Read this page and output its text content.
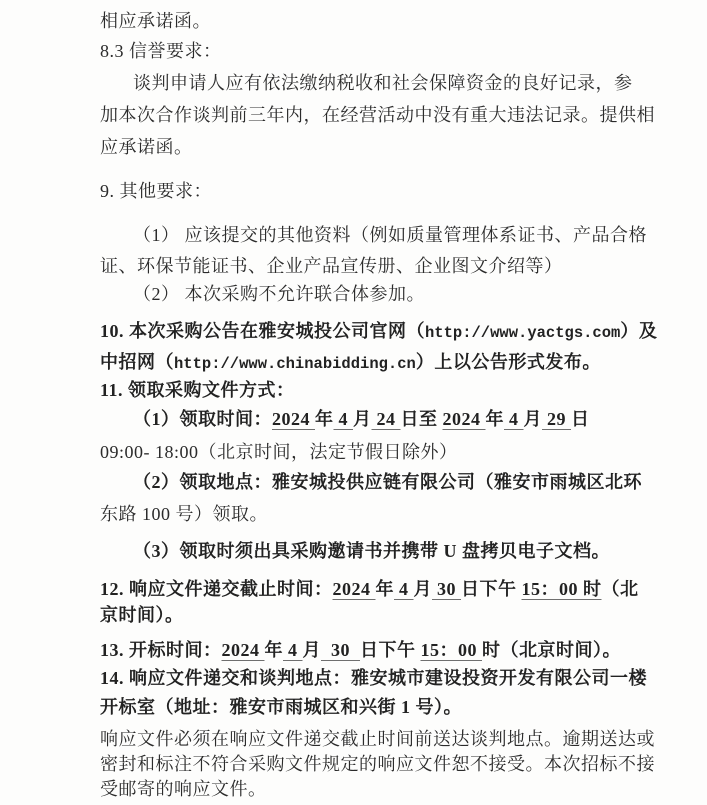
相应承诺函。
8.3 信誉要求：
谈判申请人应有依法缴纳税收和社会保障资金的良好记录，参
加本次合作谈判前三年内，在经营活动中没有重大违法记录。提供相
应承诺函。
9. 其他要求：
（1） 应该提交的其他资料（例如质量管理体系证书、产品合格
证、环保节能证书、企业产品宣传册、企业图文介绍等）
（2） 本次采购不允许联合体参加。
10. 本次采购公告在雅安城投公司官网（http://www.yactgs.com）及
中招网（http://www.chinabidding.cn）上以公告形式发布。
11. 领取采购文件方式：
（1）领取时间：2024 年 4 月 24 日至 2024 年 4 月 29 日
09:00- 18:00（北京时间，法定节假日除外）
（2）领取地点：雅安城投供应链有限公司（雅安市雨城区北环
东路 100 号）领取。
（3）领取时须出具采购邀请书并携带 U 盘拷贝电子文档。
12. 响应文件递交截止时间：2024 年 4 月 30 日下午 15：00 时（北
京时间）。
13. 开标时间：2024 年 4 月  30  日下午 15：00 时（北京时间）。
14. 响应文件递交和谈判地点：雅安城市建设投资开发有限公司一楼
开标室（地址：雅安市雨城区和兴街 1 号）。
响应文件必须在响应文件递交截止时间前送达谈判地点。逾期送达或
密封和标注不符合采购文件规定的响应文件恕不接受。本次招标不接
受邮寄的响应文件。
